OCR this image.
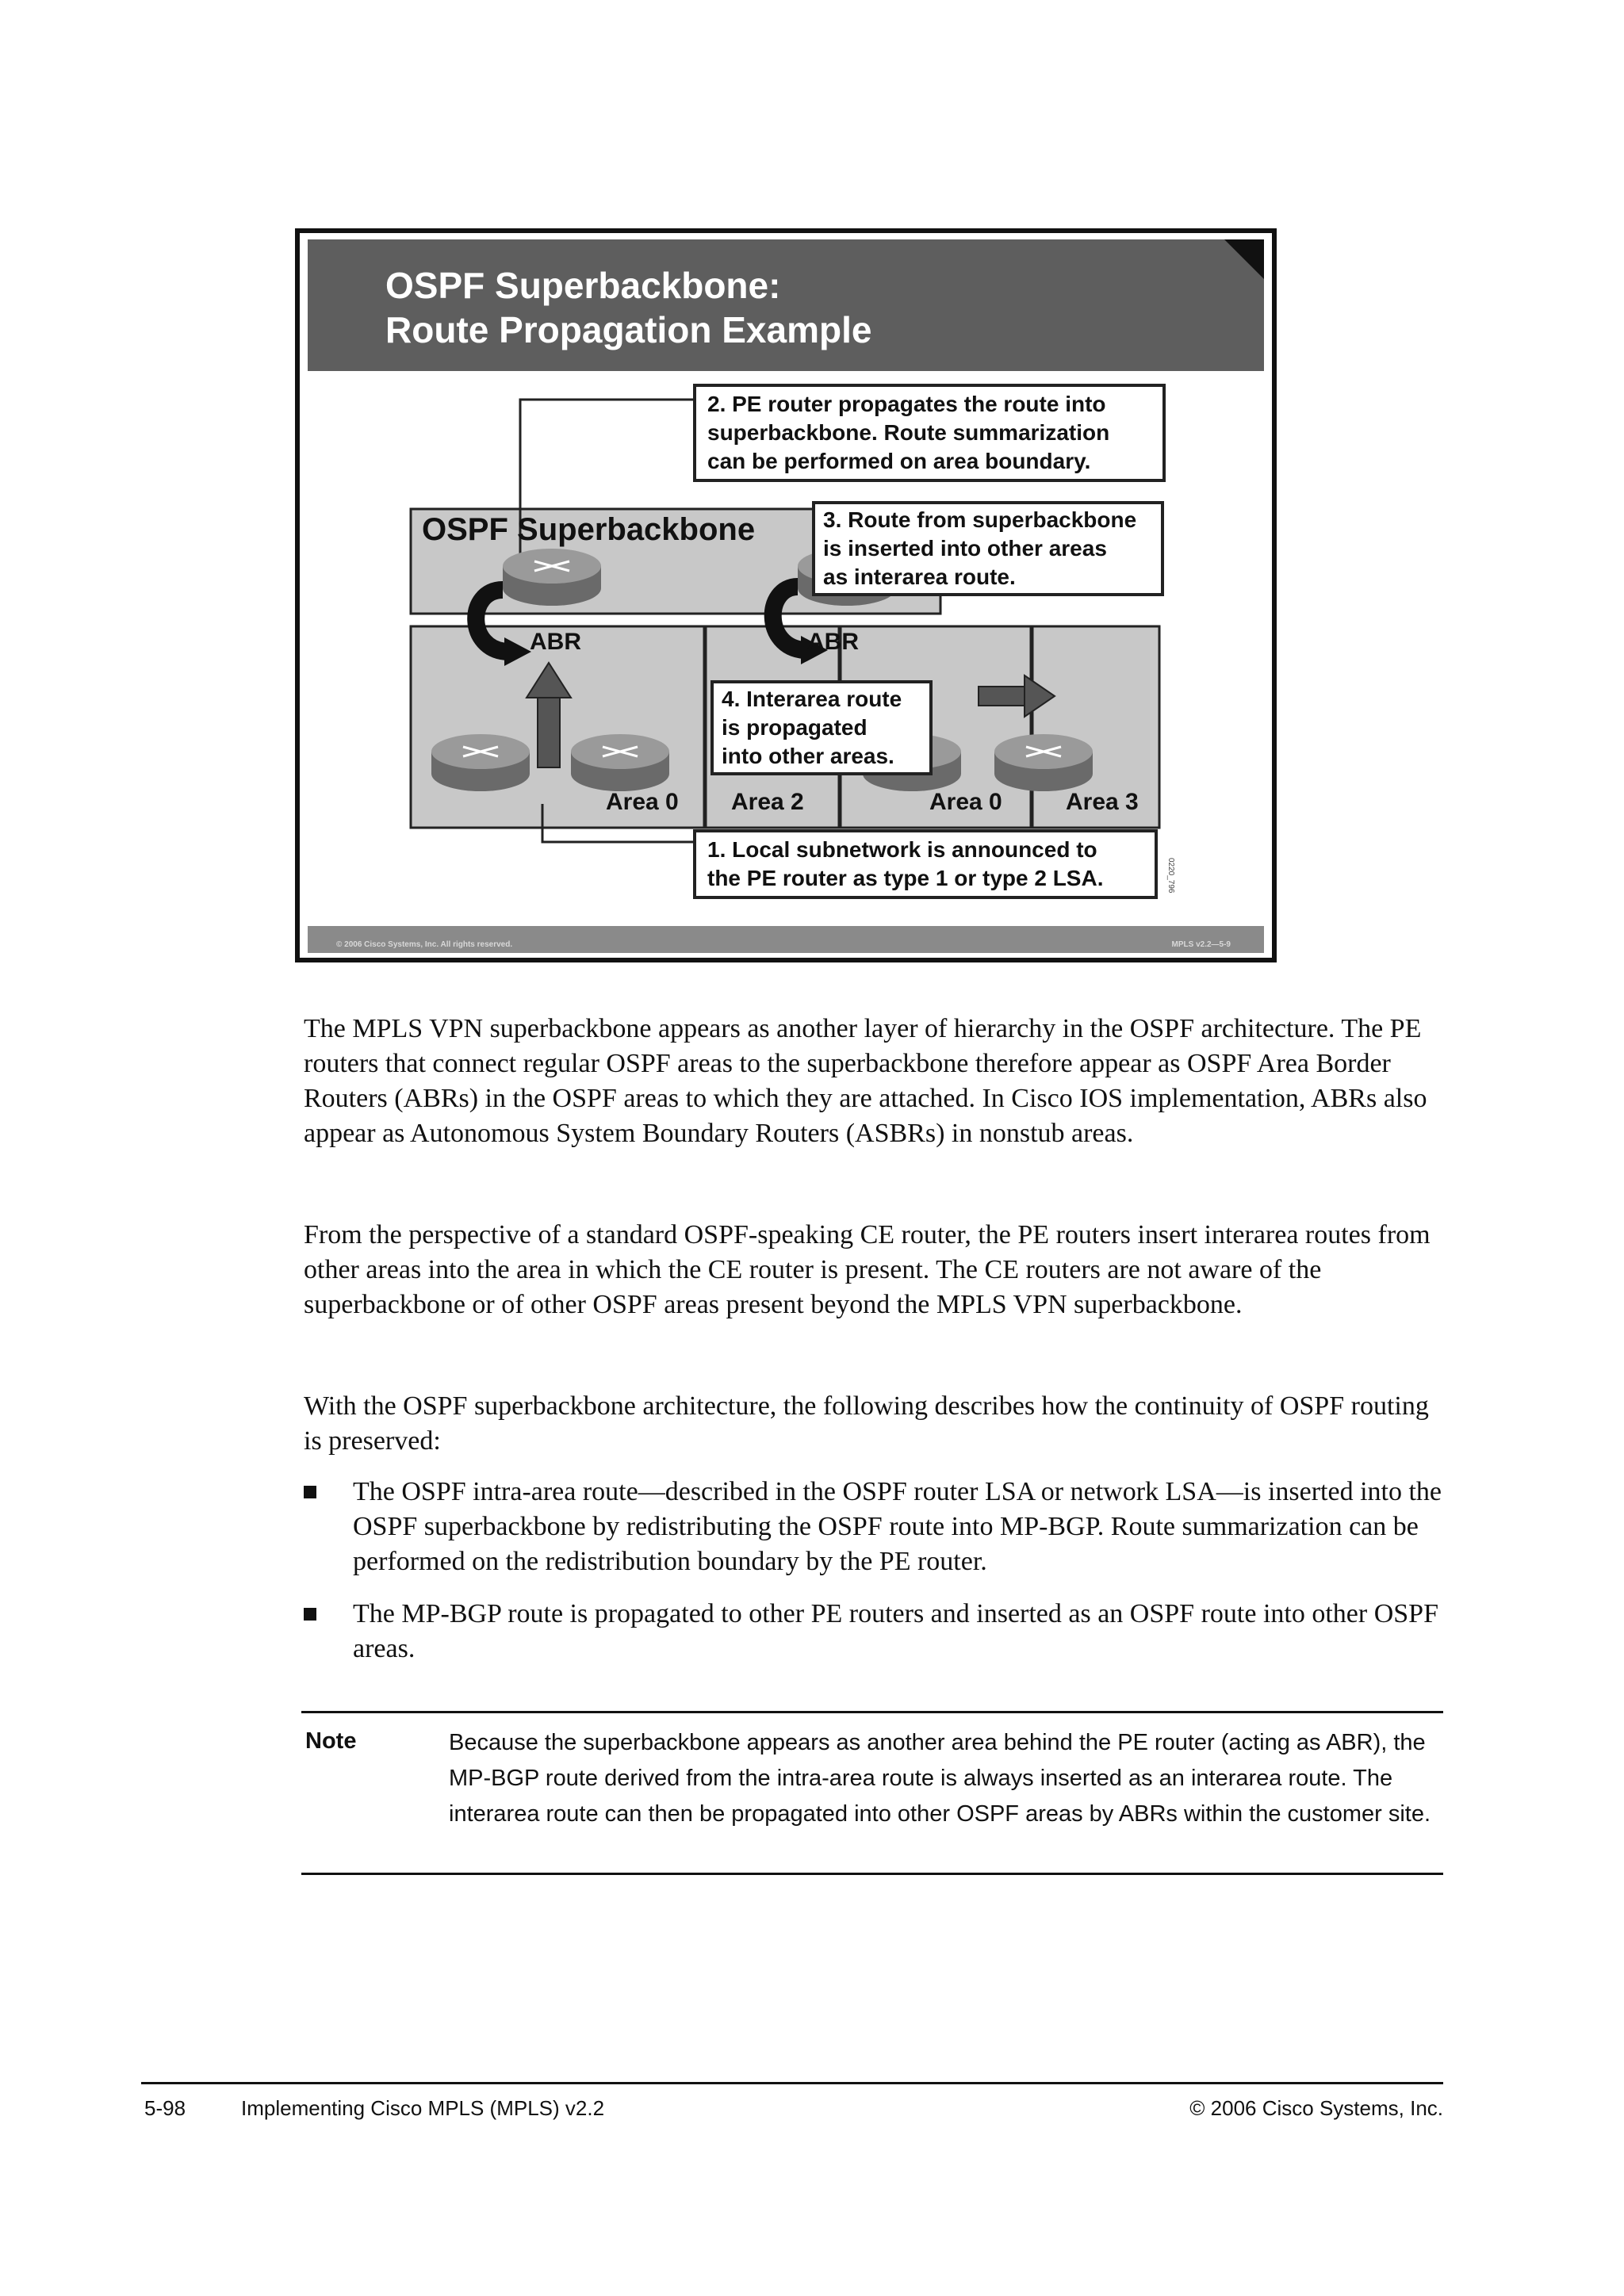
OSPF Superbackbone:
Route Propagation Example
OSPF Superbackbone
ABR	ABR
Area 0 Area 2	Area 0	Area 3
2. PE router propagates the route into
superbackbone. Route summarization
can be performed on area boundary.
3. Route from superbackbone
is inserted into other areas
as interarea route.
4. Interarea route
is propagated
into other areas.
1. Local subnetwork is announced to
the PE router as type 1 or type 2 LSA.	0220_796
© 2006 Cisco Systems, Inc. All rights reserved.	MPLS v2.2—5-9

The MPLS VPN superbackbone appears as another layer of hierarchy in the OSPF architecture. The PE routers that connect regular OSPF areas to the superbackbone therefore appear as OSPF Area Border Routers (ABRs) in the OSPF areas to which they are attached. In Cisco IOS implementation, ABRs also appear as Autonomous System Boundary Routers (ASBRs) in nonstub areas.

From the perspective of a standard OSPF-speaking CE router, the PE routers insert interarea routes from other areas into the area in which the CE router is present. The CE routers are not aware of the superbackbone or of other OSPF areas present beyond the MPLS VPN superbackbone.

With the OSPF superbackbone architecture, the following describes how the continuity of OSPF routing is preserved:

The OSPF intra-area route—described in the OSPF router LSA or network LSA—is inserted into the OSPF superbackbone by redistributing the OSPF route into MP-BGP. Route summarization can be performed on the redistribution boundary by the PE router.
The MP-BGP route is propagated to other PE routers and inserted as an OSPF route into other OSPF areas.
Note	Because the superbackbone appears as another area behind the PE router (acting as ABR), the MP-BGP route derived from the intra-area route is always inserted as an interarea route. The interarea route can then be propagated into other OSPF areas by ABRs within the customer site.
5-98	Implementing Cisco MPLS (MPLS) v2.2	© 2006 Cisco Systems, Inc.
